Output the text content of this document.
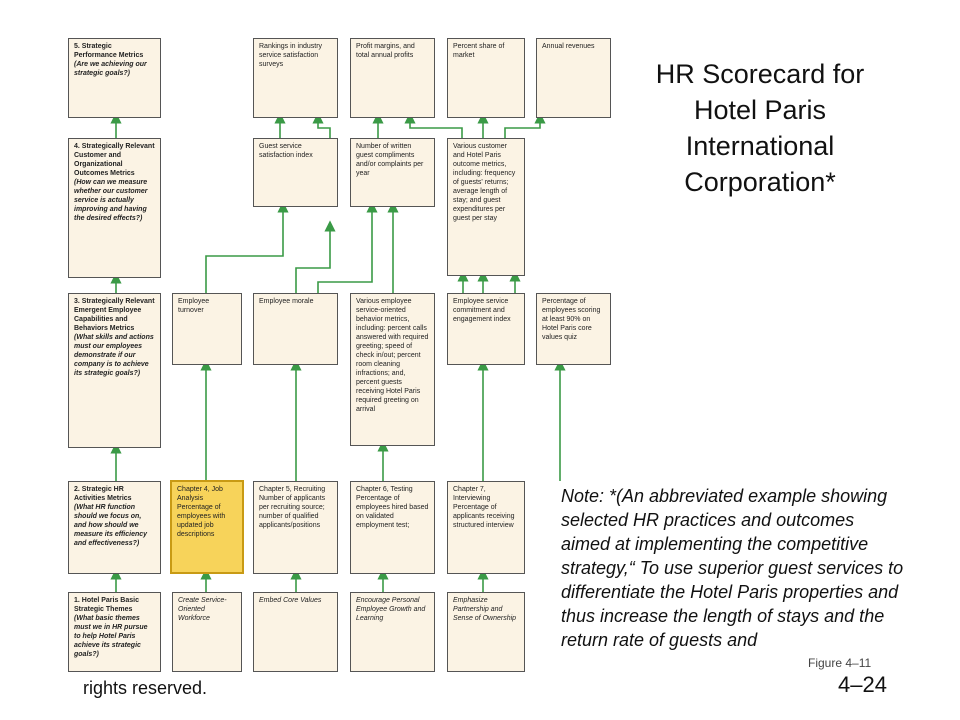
5. Strategic Performance Metrics
(Are we achieving our strategic goals?)
4. Strategically Relevant Customer and Organizational Outcomes Metrics
(How can we measure whether our customer service is actually improving and having the desired effects?)
3. Strategically Relevant Emergent Employee Capabilities and Behaviors Metrics
(What skills and actions must our employees demonstrate if our company is to achieve its strategic goals?)
2. Strategic HR Activities Metrics
(What HR function should we focus on, and how should we measure its efficiency and effectiveness?)
1. Hotel Paris Basic Strategic Themes
(What basic themes must we in HR pursue to help Hotel Paris achieve its strategic goals?)
Rankings in industry service satisfaction surveys
Profit margins, and total annual profits
Percent share of market
Annual revenues
Guest service satisfaction index
Number of written guest compliments and/or complaints per year
Various customer and Hotel Paris outcome metrics, including: frequency of guests' returns; average length of stay; and guest expenditures per guest per stay
Employee turnover
Employee morale	Various employee service-oriented behavior metrics, including: percent calls answered with required greeting; speed of check in/out; percent room cleaning infractions; and, percent guests receiving Hotel Paris required greeting on arrival
Employee service commitment and engagement index
Percentage of employees scoring at least 90% on Hotel Paris core values quiz
Chapter 4, Job Analysis Percentage of employees with updated job descriptions
Chapter 5, Recruiting Number of applicants per recruiting source; number of qualified applicants/positions
Chapter 6, Testing Percentage of employees hired based on validated employment test;
Chapter 7, Interviewing Percentage of applicants receiving structured interview
Create Service-Oriented Workforce
Embed Core Values	Encourage Personal Employee Growth and Learning
Emphasize Partnership and Sense of Ownership
HR Scorecard for Hotel Paris International Corporation*
Note: *(An abbreviated example showing selected HR practices and outcomes aimed at implementing the competitive strategy,“ To use superior guest services to differentiate the Hotel Paris properties and thus increase the length of stays and the return rate of guests and
rights reserved.
Figure 4–11
4–24
